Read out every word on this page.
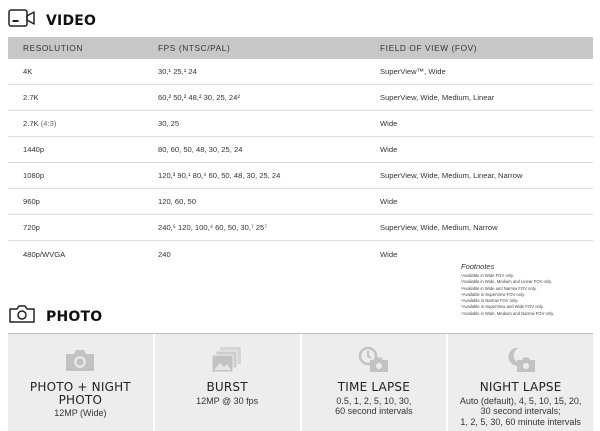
VIDEO
RESOLUTION	FPS (NTSC/PAL)	FIELD OF VIEW (FOV)
4K	30,¹ 25,¹ 24	SuperView™, Wide
2.7K	60,² 50,² 48,² 30, 25, 24²	SuperView, Wide, Medium, Linear
2.7K (4:3)	30, 25	Wide
1440p	80, 60, 50, 48, 30, 25, 24	Wide
1080p	120,³ 90,¹ 80,⁴ 60, 50, 48, 30, 25, 24	SuperView, Wide, Medium, Linear, Narrow
960p	120, 60, 50	Wide
720p	240,⁵ 120, 100,⁴ 60, 50, 30,⁷ 25⁷	SuperView, Wide, Medium, Narrow
480p/WVGA	240	Wide
Footnotes
¹Available in Wide FOV only.
²Available in Wide, Medium and Linear FOV only.
³Available in Wide and Narrow FOV only.
⁴Available in SuperView FOV only.
⁵Available in Narrow FOV only.
⁶Available in SuperView and Wide FOV only.
⁷Available in Wide, Medium and Narrow FOV only.
PHOTO
PHOTO + NIGHT
PHOTO
12MP (Wide)
BURST
12MP @ 30 fps
TIME LAPSE
0.5, 1, 2, 5, 10, 30,
60 second intervals
NIGHT LAPSE
Auto (default), 4, 5, 10, 15, 20,
30 second intervals;
1, 2, 5, 30, 60 minute intervals
